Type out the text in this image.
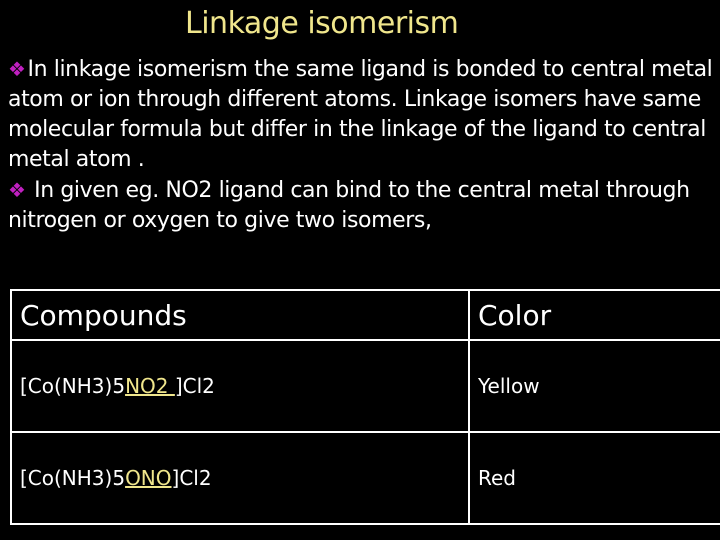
Linkage isomerism

❖In linkage isomerism the same ligand is bonded to central metal atom or ion through different atoms. Linkage isomers have same molecular formula but differ in the linkage of the ligand to central metal atom .

❖ In given eg. NO2 ligand can bind to the central metal through nitrogen or oxygen to give two isomers,

Compounds	Color
[Co(NH3)5NO2 ]Cl2	Yellow
[Co(NH3)5ONO]Cl2	Red
